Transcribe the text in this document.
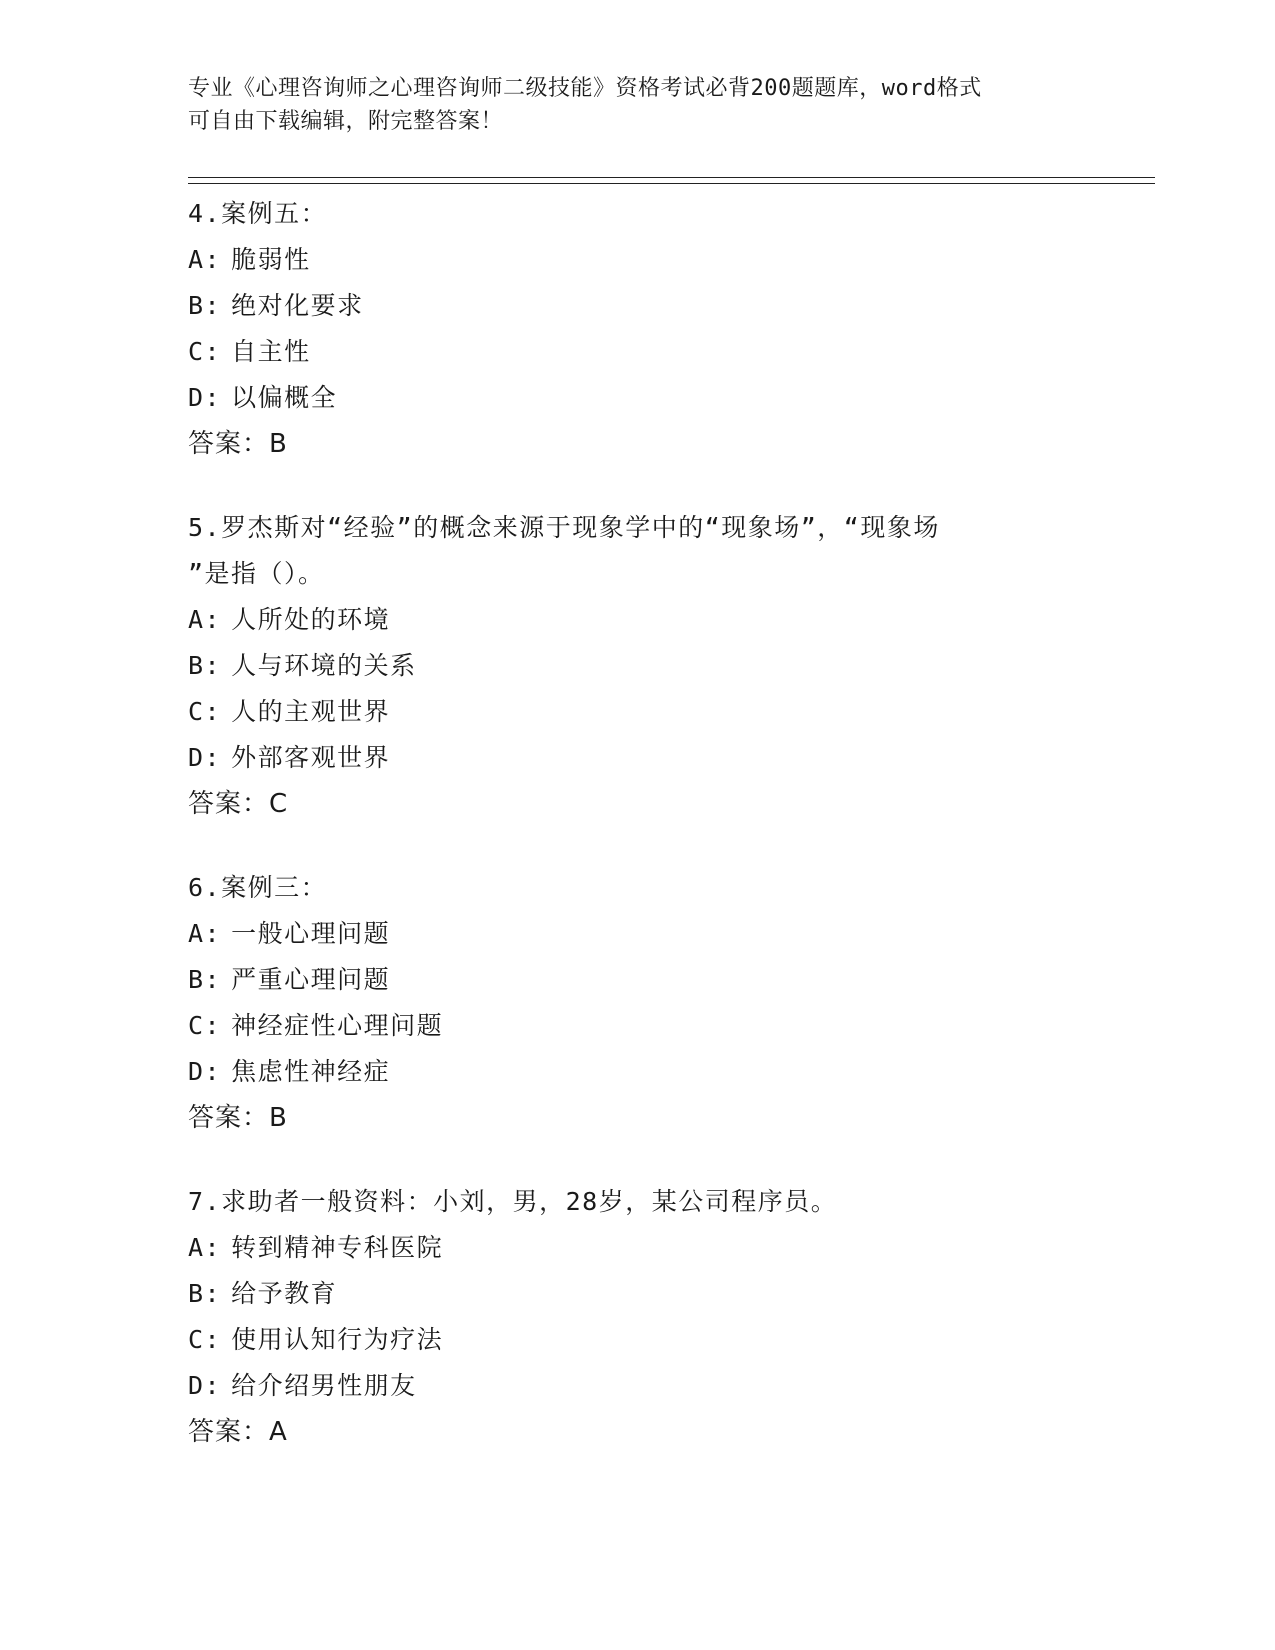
专业《心理咨询师之心理咨询师二级技能》资格考试必背200题题库，word格式
可自由下载编辑，附完整答案！
4.案例五：
A: 脆弱性
B: 绝对化要求
C: 自主性
D: 以偏概全
答案：B
5.罗杰斯对“经验”的概念来源于现象学中的“现象场”，“现象场
”是指（）。
A: 人所处的环境
B: 人与环境的关系
C: 人的主观世界
D: 外部客观世界
答案：C
6.案例三：
A: 一般心理问题
B: 严重心理问题
C: 神经症性心理问题
D: 焦虑性神经症
答案：B
7.求助者一般资料：小刘，男，28岁，某公司程序员。
A: 转到精神专科医院
B: 给予教育
C: 使用认知行为疗法
D: 给介绍男性朋友
答案：A
